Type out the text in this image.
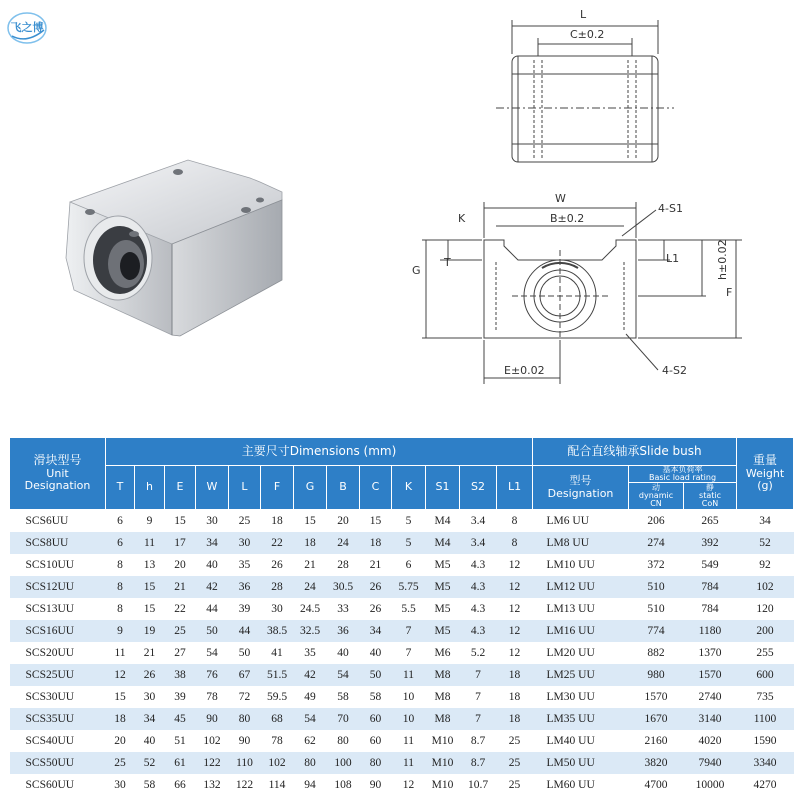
飞之博
L
C±0.2
W
B±0.2
K
G
T	L1	h±0.02
F
E±0.02
4-S1
4-S2
滑块型号
Unit
Designation	主要尺寸Dimensions (mm)													配合直线轴承Slide bush			重量
Weight
(g)
	T	h	E	W	L	F	G	B	C	K	S1	S2	L1	型号
Designation	基本负荷率
Basic load rating		

															动
dynamic
CN	静
static
CoN	

SCS6UU	6	9	15	30	25	18	15	20	15	5	M4	3.4	8	LM6 UU	206	265	34
SCS8UU	6	11	17	34	30	22	18	24	18	5	M4	3.4	8	LM8 UU	274	392	52
SCS10UU	8	13	20	40	35	26	21	28	21	6	M5	4.3	12	LM10 UU	372	549	92
SCS12UU	8	15	21	42	36	28	24	30.5	26	5.75	M5	4.3	12	LM12 UU	510	784	102
SCS13UU	8	15	22	44	39	30	24.5	33	26	5.5	M5	4.3	12	LM13 UU	510	784	120
SCS16UU	9	19	25	50	44	38.5	32.5	36	34	7	M5	4.3	12	LM16 UU	774	1180	200
SCS20UU	11	21	27	54	50	41	35	40	40	7	M6	5.2	12	LM20 UU	882	1370	255
SCS25UU	12	26	38	76	67	51.5	42	54	50	11	M8	7	18	LM25 UU	980	1570	600
SCS30UU	15	30	39	78	72	59.5	49	58	58	10	M8	7	18	LM30 UU	1570	2740	735
SCS35UU	18	34	45	90	80	68	54	70	60	10	M8	7	18	LM35 UU	1670	3140	1100
SCS40UU	20	40	51	102	90	78	62	80	60	11	M10	8.7	25	LM40 UU	2160	4020	1590
SCS50UU	25	52	61	122	110	102	80	100	80	11	M10	8.7	25	LM50 UU	3820	7940	3340
SCS60UU	30	58	66	132	122	114	94	108	90	12	M10	10.7	25	LM60 UU	4700	10000	4270
